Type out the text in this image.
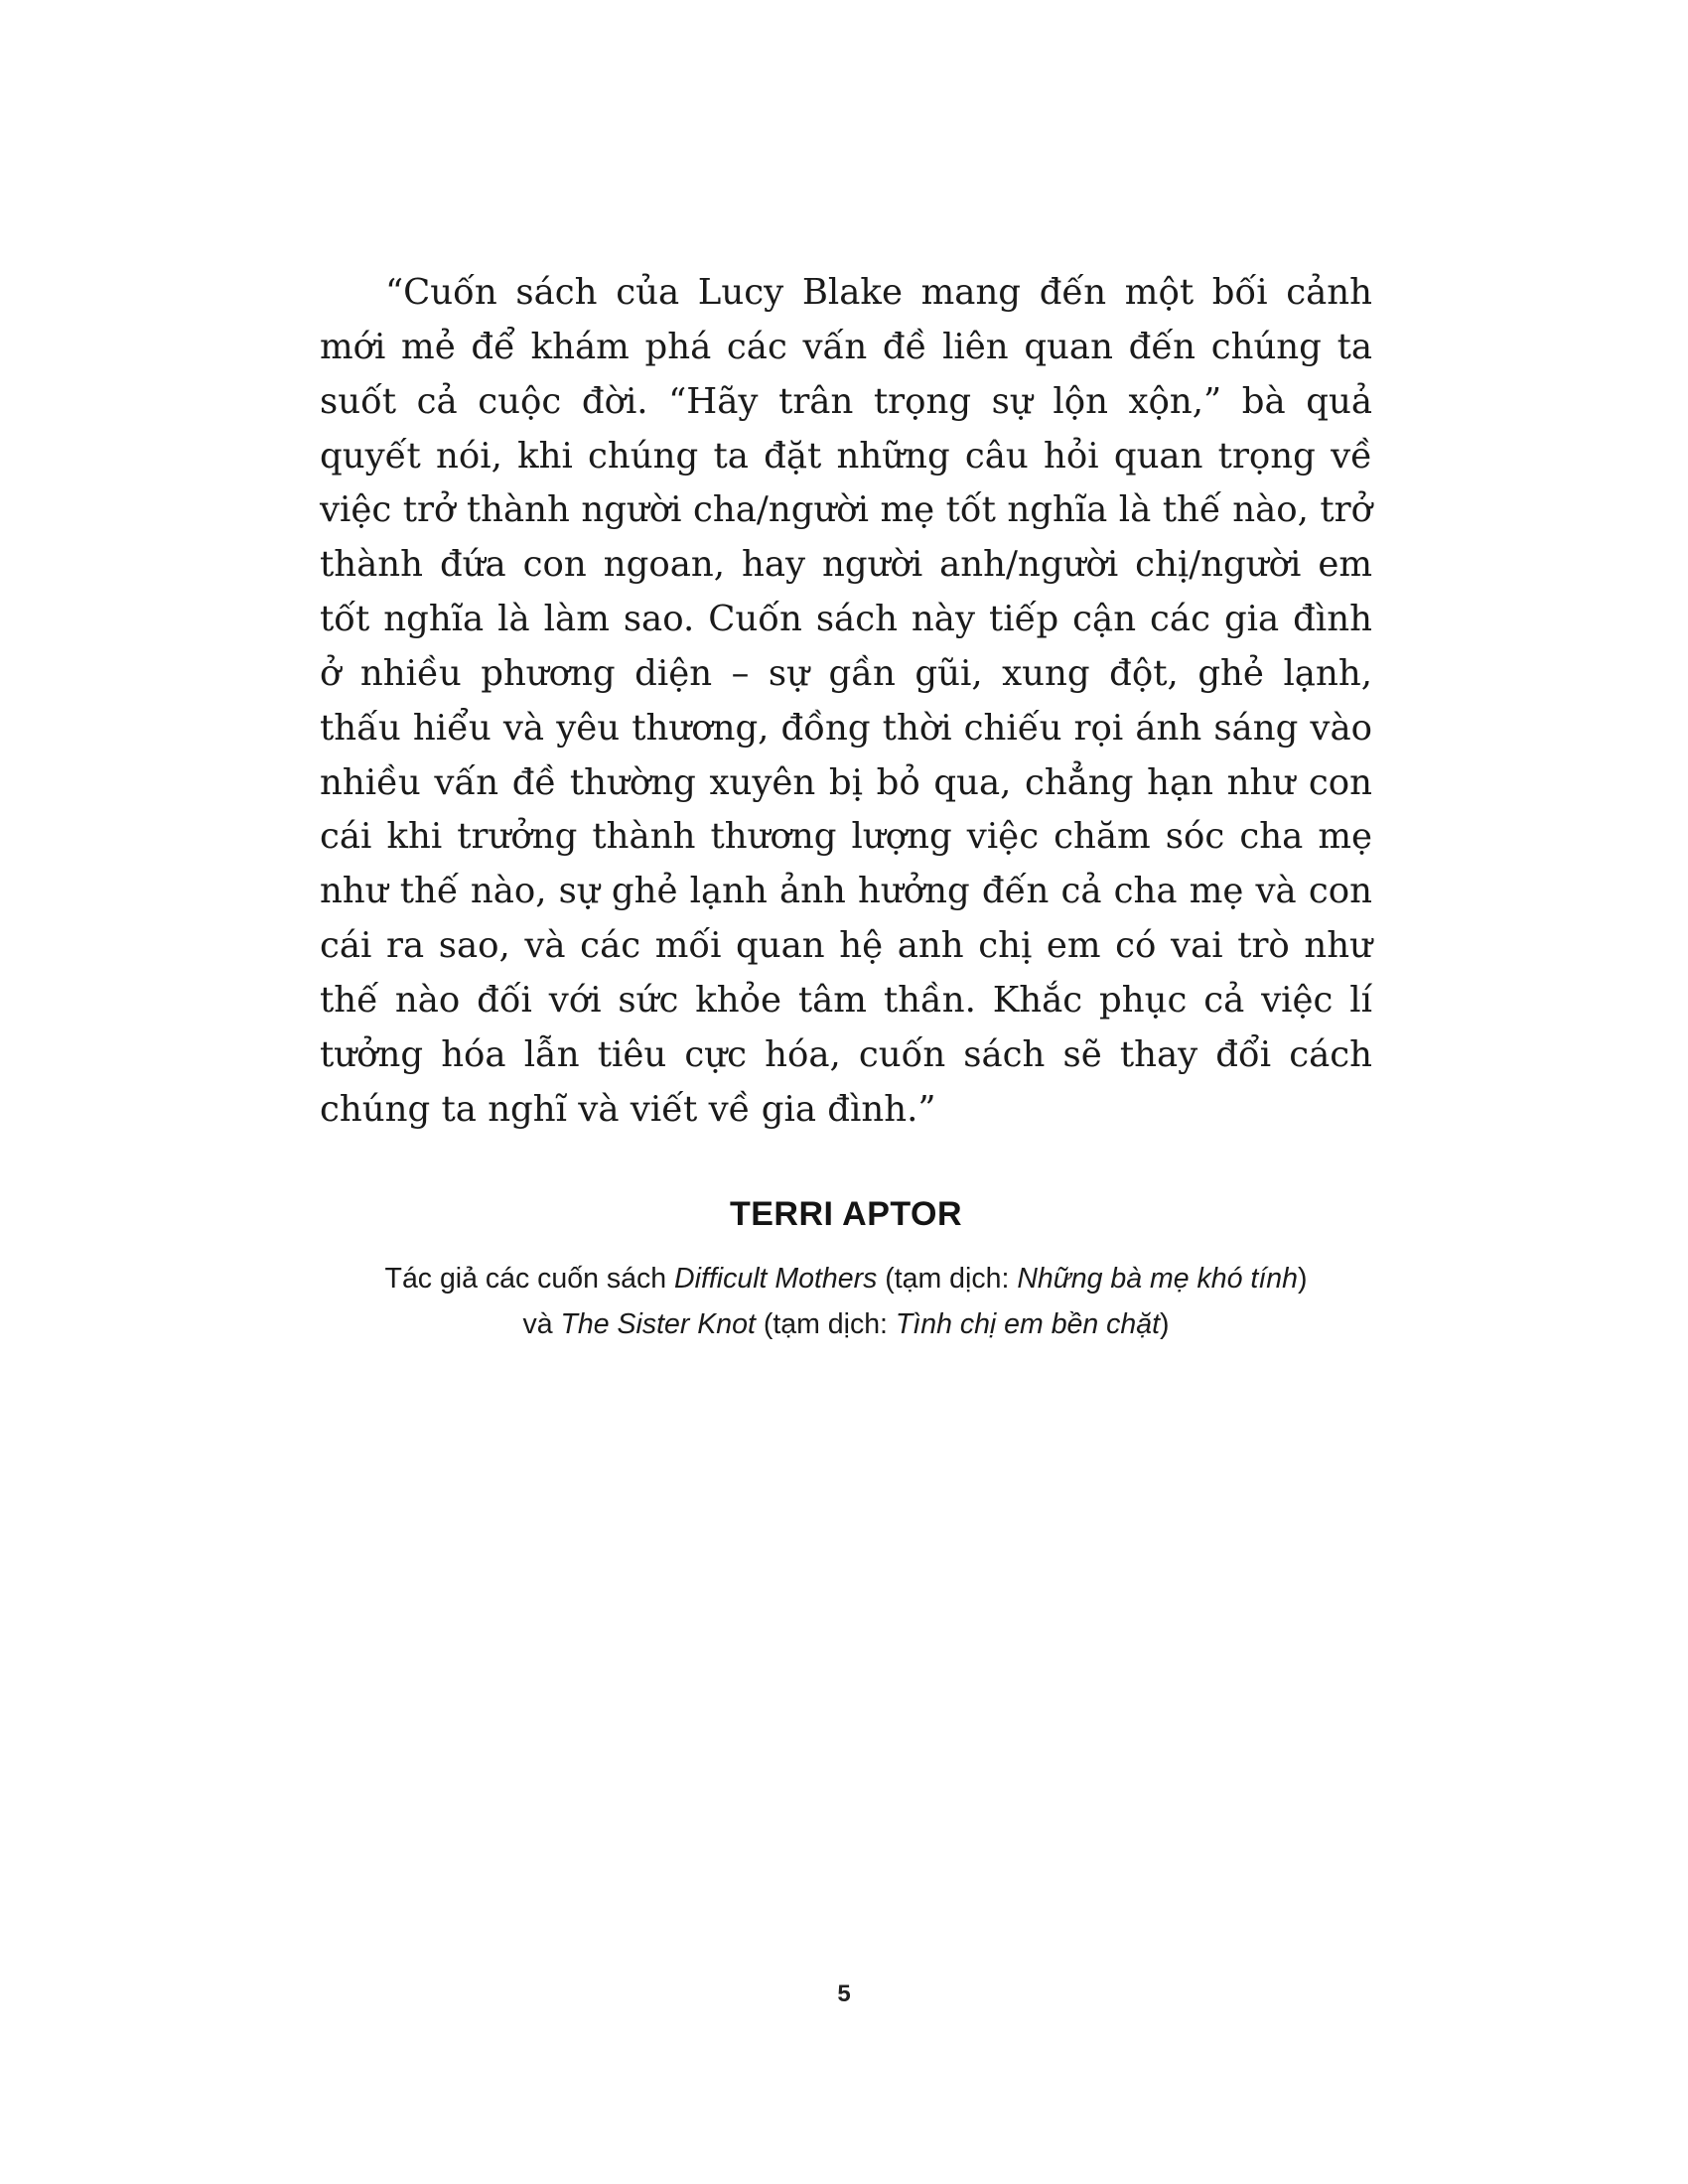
“Cuốn sách của Lucy Blake mang đến một bối cảnh mới mẻ để khám phá các vấn đề liên quan đến chúng ta suốt cả cuộc đời. “Hãy trân trọng sự lộn xộn,” bà quả quyết nói, khi chúng ta đặt những câu hỏi quan trọng về việc trở thành người cha/người mẹ tốt nghĩa là thế nào, trở thành đứa con ngoan, hay người anh/người chị/người em tốt nghĩa là làm sao. Cuốn sách này tiếp cận các gia đình ở nhiều phương diện – sự gần gũi, xung đột, ghẻ lạnh, thấu hiểu và yêu thương, đồng thời chiếu rọi ánh sáng vào nhiều vấn đề thường xuyên bị bỏ qua, chẳng hạn như con cái khi trưởng thành thương lượng việc chăm sóc cha mẹ như thế nào, sự ghẻ lạnh ảnh hưởng đến cả cha mẹ và con cái ra sao, và các mối quan hệ anh chị em có vai trò như thế nào đối với sức khỏe tâm thần. Khắc phục cả việc lí tưởng hóa lẫn tiêu cực hóa, cuốn sách sẽ thay đổi cách chúng ta nghĩ và viết về gia đình.”

TERRI APTOR

Tác giả các cuốn sách Difficult Mothers (tạm dịch: Những bà mẹ khó tính) và The Sister Knot (tạm dịch: Tình chị em bền chặt)

5
